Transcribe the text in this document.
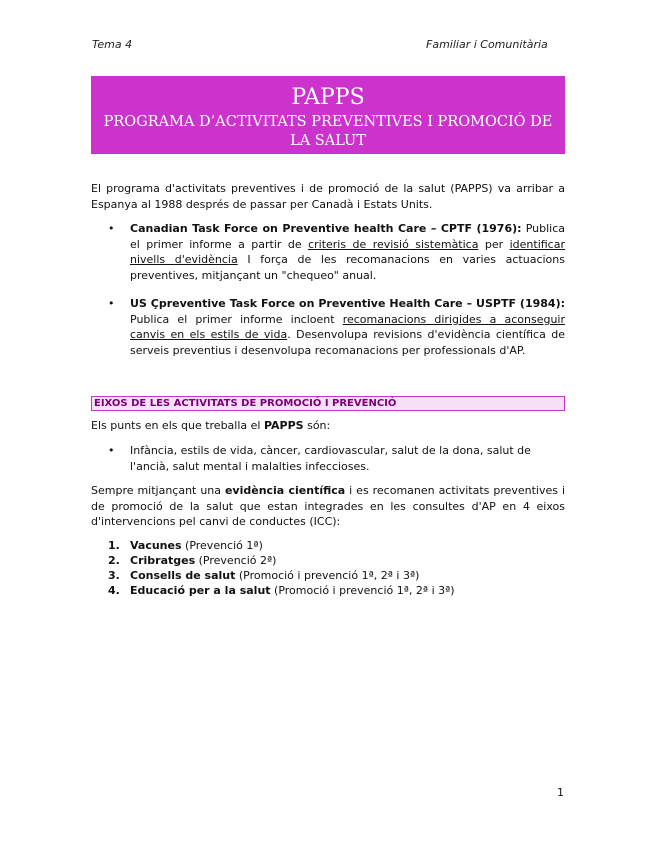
Tema 4	Familiar i Comunitària
PAPPS
PROGRAMA D’ACTIVITATS PREVENTIVES I PROMOCIÓ DE LA SALUT

El programa d'activitats preventives i de promoció de la salut (PAPPS) va arribar a Espanya al 1988 després de passar per Canadà i Estats Units.

• Canadian Task Force on Preventive health Care – CPTF (1976): Publica el primer informe a partir de criteris de revisió sistemàtica per identificar nivells d'evidència I força de les recomanacions en varies actuacions preventives, mitjançant un "chequeo" anual.

• US Çpreventive Task Force on Preventive Health Care – USPTF (1984): Publica el primer informe incloent recomanacions dirigides a aconseguir canvis en els estils de vida. Desenvolupa revisions d'evidència científica de serveis preventius i desenvolupa recomanacions per professionals d'AP.

EIXOS DE LES ACTIVITATS DE PROMOCIÓ I PREVENCIÓ

Els punts en els que treballa el PAPPS són:

• Infància, estils de vida, càncer, cardiovascular, salut de la dona, salut de l'ancià, salut mental i malalties infeccioses.

Sempre mitjançant una evidència científica i es recomanen activitats preventives i de promoció de la salut que estan integrades en les consultes d'AP en 4 eixos d'intervencions pel canvi de conductes (ICC):

1. Vacunes (Prevenció 1ª)
2. Cribratges (Prevenció 2ª)
3. Consells de salut (Promoció i prevenció 1ª, 2ª i 3ª)
4. Educació per a la salut (Promoció i prevenció 1ª, 2ª i 3ª)
1
